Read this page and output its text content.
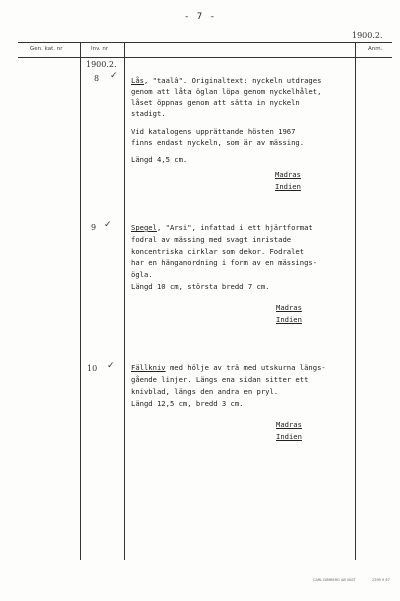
- 7 -
1900.2.
Gen. kat. nr	Inv. nr	Anm.
1900.2.
8 ✓ Lås, "taalâ". Originaltext: nyckeln utdrages
genom att låta öglan löpa genom nyckelhålet,
låset öppnas genom att sätta in nyckeln
stadigt.
Vid katalogens upprättande hösten 1967
finns endast nyckeln, som är av mässing.
Längd 4,5 cm.
Madras
Indien
9 ✓	Spegel, "Arsi", infattad i ett hjärtformat
fodral av mässing med svagt inristade
koncentriska cirklar som dekor. Fodralet
har en hänganordning i form av en mässings-
ögla.
Längd 10 cm, största bredd 7 cm.
Madras
Indien
10 ✓ Fällkniv med hölje av trä med utskurna längs-
gående linjer. Längs ena sidan sitter ett
knivblad, längs den andra en pryl.
Längd 12,5 cm, bredd 3 cm.
Madras
Indien
CARL DIMBERG AB VÄST	2399 9 67
